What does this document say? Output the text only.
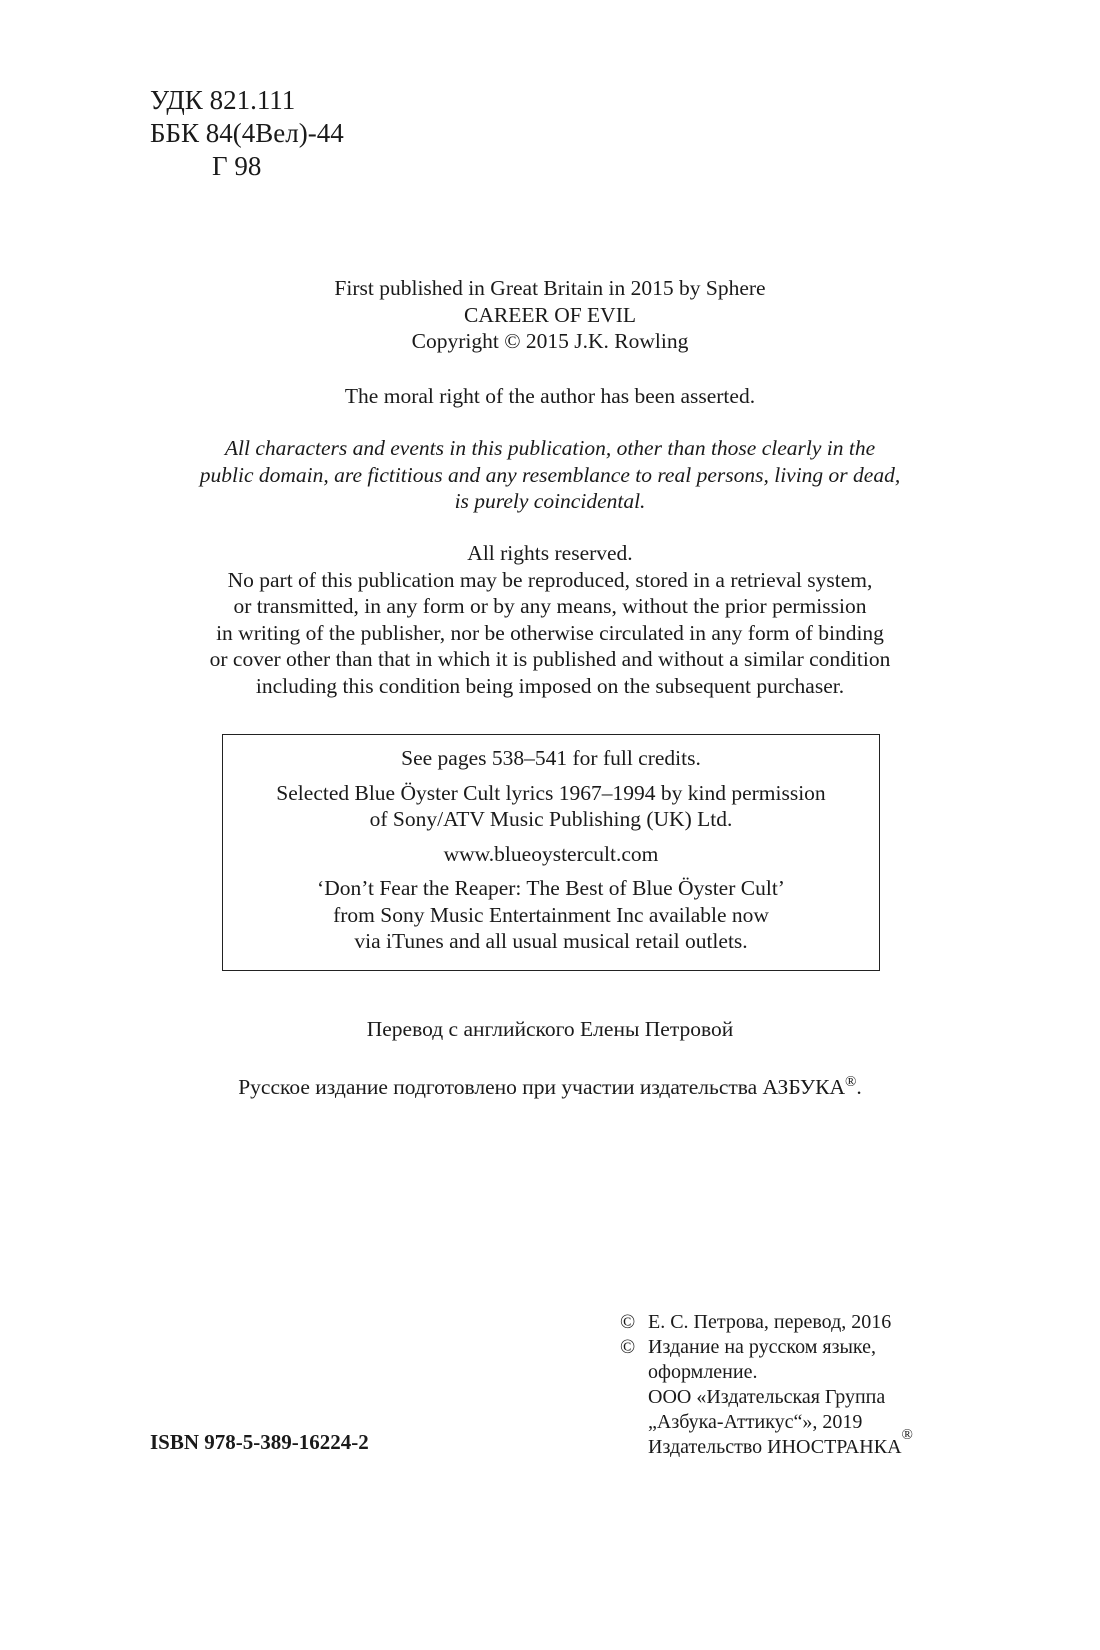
УДК 821.111
ББК 84(4Вел)-44
Г 98
First published in Great Britain in 2015 by Sphere
CAREER OF EVIL
Copyright © 2015 J.K. Rowling
The moral right of the author has been asserted.
All characters and events in this publication, other than those clearly in the
public domain, are fictitious and any resemblance to real persons, living or dead,
is purely coincidental.
All rights reserved.
No part of this publication may be reproduced, stored in a retrieval system,
or transmitted, in any form or by any means, without the prior permission
in writing of the publisher, nor be otherwise circulated in any form of binding
or cover other than that in which it is published and without a similar condition
including this condition being imposed on the subsequent purchaser.
See pages 538–541 for full credits.
Selected Blue Öyster Cult lyrics 1967–1994 by kind permission
of Sony/ATV Music Publishing (UK) Ltd.
www.blueoystercult.com
‘Don’t Fear the Reaper: The Best of Blue Öyster Cult’
from Sony Music Entertainment Inc available now
via iTunes and all usual musical retail outlets.
Перевод с английского Елены Петровой
Русское издание подготовлено при участии издательства АЗБУКА®.
© Е. С. Петрова, перевод, 2016
© Издание на русском языке,
оформление.
ООО «Издательская Группа
„Азбука-Аттикус“», 2019
Издательство ИНОСТРАНКА
®
ISBN 978-5-389-16224-2
